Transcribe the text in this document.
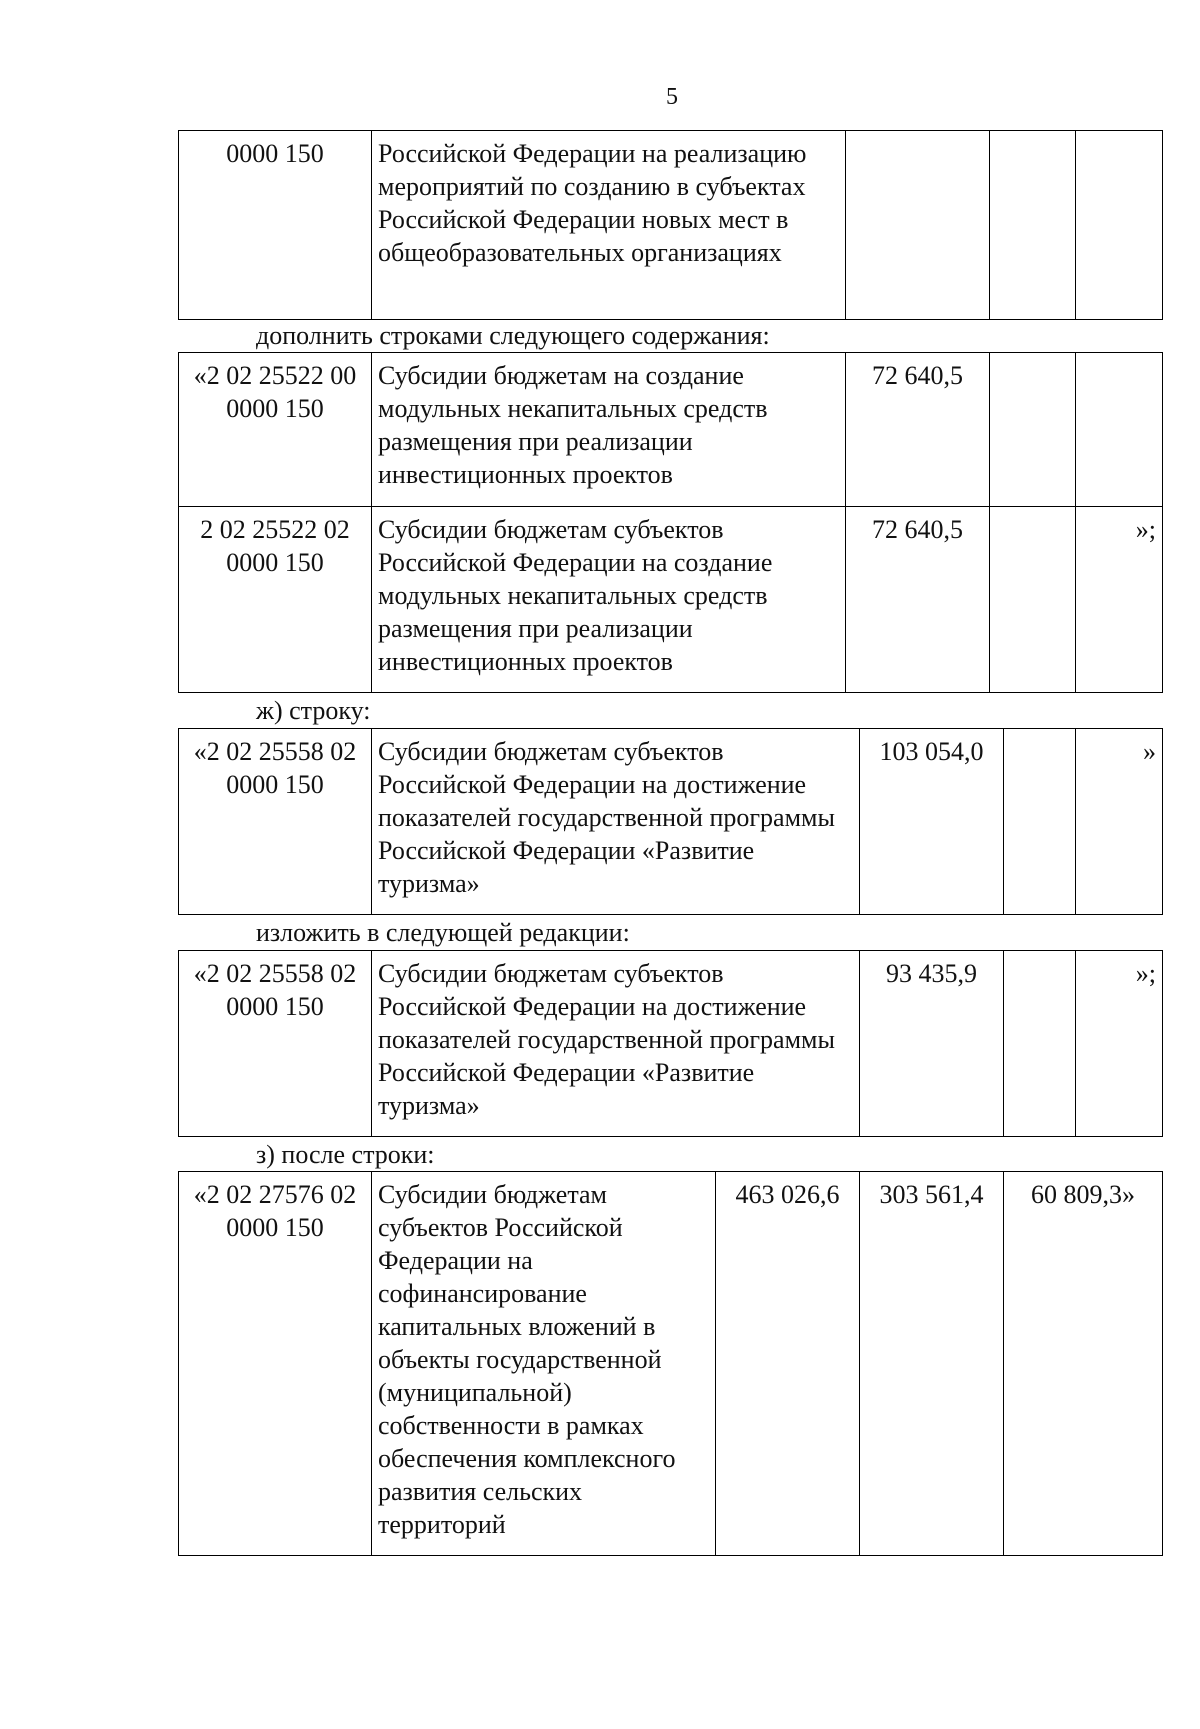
5
0000 150	Российской Федерации на реализацию мероприятий по созданию в субъектах Российской Федерации новых мест в общеобразовательных организациях			
дополнить строками следующего содержания:
«2 02 25522 00 0000 150	Субсидии бюджетам на создание модульных некапитальных средств размещения при реализации инвестиционных проектов	72 640,5		
2 02 25522 02 0000 150	Субсидии бюджетам субъектов Российской Федерации на создание модульных некапитальных средств размещения при реализации инвестиционных проектов	72 640,5		»;
ж) строку:
«2 02 25558 02 0000 150	Субсидии бюджетам субъектов Российской Федерации на достижение показателей государственной программы Российской Федерации «Развитие туризма»	103 054,0		»
изложить в следующей редакции:
«2 02 25558 02 0000 150	Субсидии бюджетам субъектов Российской Федерации на достижение показателей государственной программы Российской Федерации «Развитие туризма»	93 435,9		»;
з) после строки:
«2 02 27576 02 0000 150	Субсидии бюджетам субъектов Российской Федерации на софинансирование капитальных вложений в объекты государственной (муниципальной) собственности в рамках обеспечения комплексного развития сельских территорий	463 026,6	303 561,4	60 809,3»
